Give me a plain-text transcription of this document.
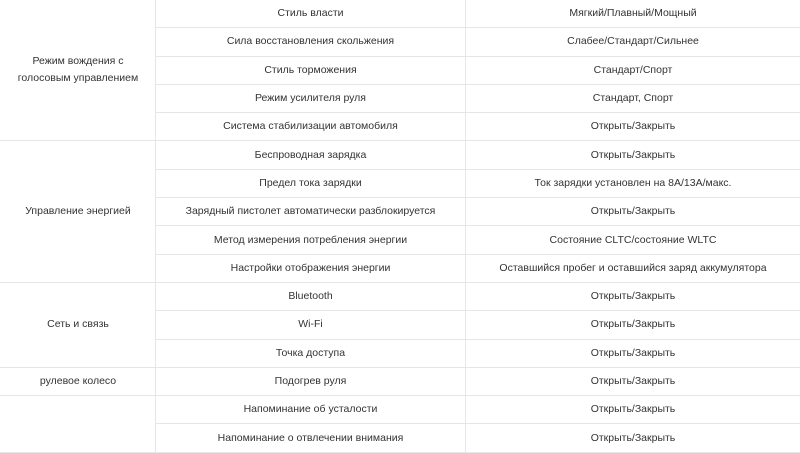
Режим вождения с голосовым управлением	Стиль власти	Мягкий/Плавный/Мощный
	Сила восстановления скольжения	Слабее/Стандарт/Сильнее
	Стиль торможения	Стандарт/Спорт
	Режим усилителя руля	Стандарт, Спорт
	Система стабилизации автомобиля	Открыть/Закрыть
Управление энергией	Беспроводная зарядка	Открыть/Закрыть
	Предел тока зарядки	Ток зарядки установлен на 8A/13A/макс.
	Зарядный пистолет автоматически разблокируется	Открыть/Закрыть
	Метод измерения потребления энергии	Состояние CLTC/состояние WLTC
	Настройки отображения энергии	Оставшийся пробег и оставшийся заряд аккумулятора
Сеть и связь	Bluetooth	Открыть/Закрыть
	Wi-Fi	Открыть/Закрыть
	Точка доступа	Открыть/Закрыть
рулевое колесо	Подогрев руля	Открыть/Закрыть
	Напоминание об усталости	Открыть/Закрыть
	Напоминание о отвлечении внимания	Открыть/Закрыть
